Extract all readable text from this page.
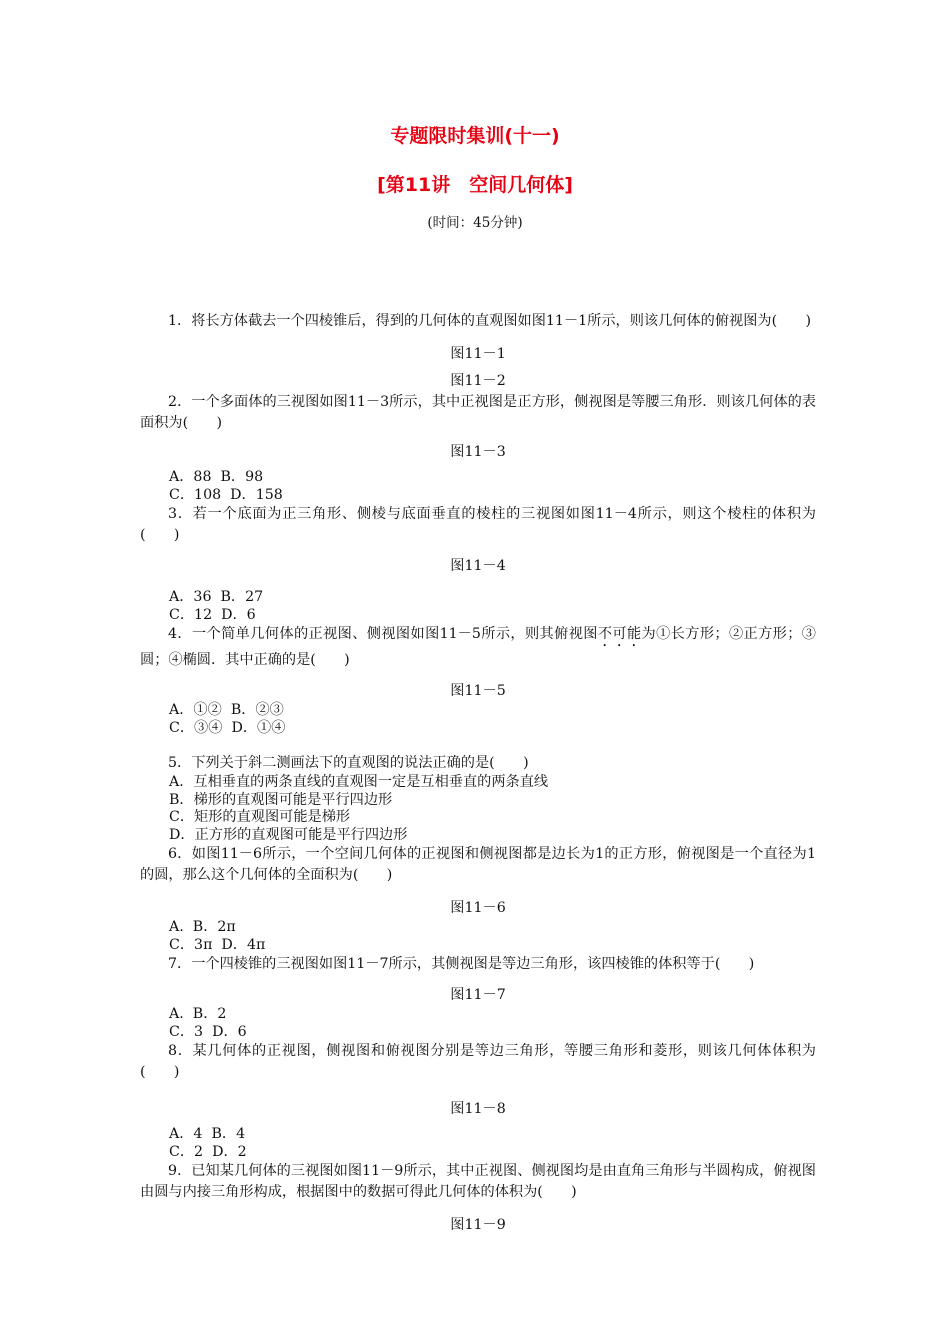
专题限时集训(十一)
[第11讲　空间几何体]
(时间：45分钟)
1．将长方体截去一个四棱锥后，得到的几何体的直观图如图11－1所示，则该几何体的俯视图为(　　)
图11－1
图11－2
2．一个多面体的三视图如图11－3所示，其中正视图是正方形，侧视图是等腰三角形．则该几何体的表面积为(　　)
图11－3
A．88  B．98
C．108  D．158
3．若一个底面为正三角形、侧棱与底面垂直的棱柱的三视图如图11－4所示，则这个棱柱的体积为(　　)
图11－4
A．36  B．27
C．12  D．6
4．一个简单几何体的正视图、侧视图如图11－5所示，则其俯视图不可能为①长方形；②正方形；③圆；④椭圆．其中正确的是(　　)
图11－5
A．①②  B．②③
C．③④  D．①④
5．下列关于斜二测画法下的直观图的说法正确的是(　　)
A．互相垂直的两条直线的直观图一定是互相垂直的两条直线
B．梯形的直观图可能是平行四边形
C．矩形的直观图可能是梯形
D．正方形的直观图可能是平行四边形
6．如图11－6所示，一个空间几何体的正视图和侧视图都是边长为1的正方形，俯视图是一个直径为1的圆，那么这个几何体的全面积为(　　)
图11－6
A.  B．2π
C．3π  D．4π
7．一个四棱锥的三视图如图11－7所示，其侧视图是等边三角形，该四棱锥的体积等于(　　)
图11－7
A.  B．2
C．3  D．6
8．某几何体的正视图，侧视图和俯视图分别是等边三角形，等腰三角形和菱形，则该几何体体积为(　　)
图11－8
A．4  B．4
C．2  D．2
9．已知某几何体的三视图如图11－9所示，其中正视图、侧视图均是由直角三角形与半圆构成，俯视图由圆与内接三角形构成，根据图中的数据可得此几何体的体积为(　　)
图11－9
